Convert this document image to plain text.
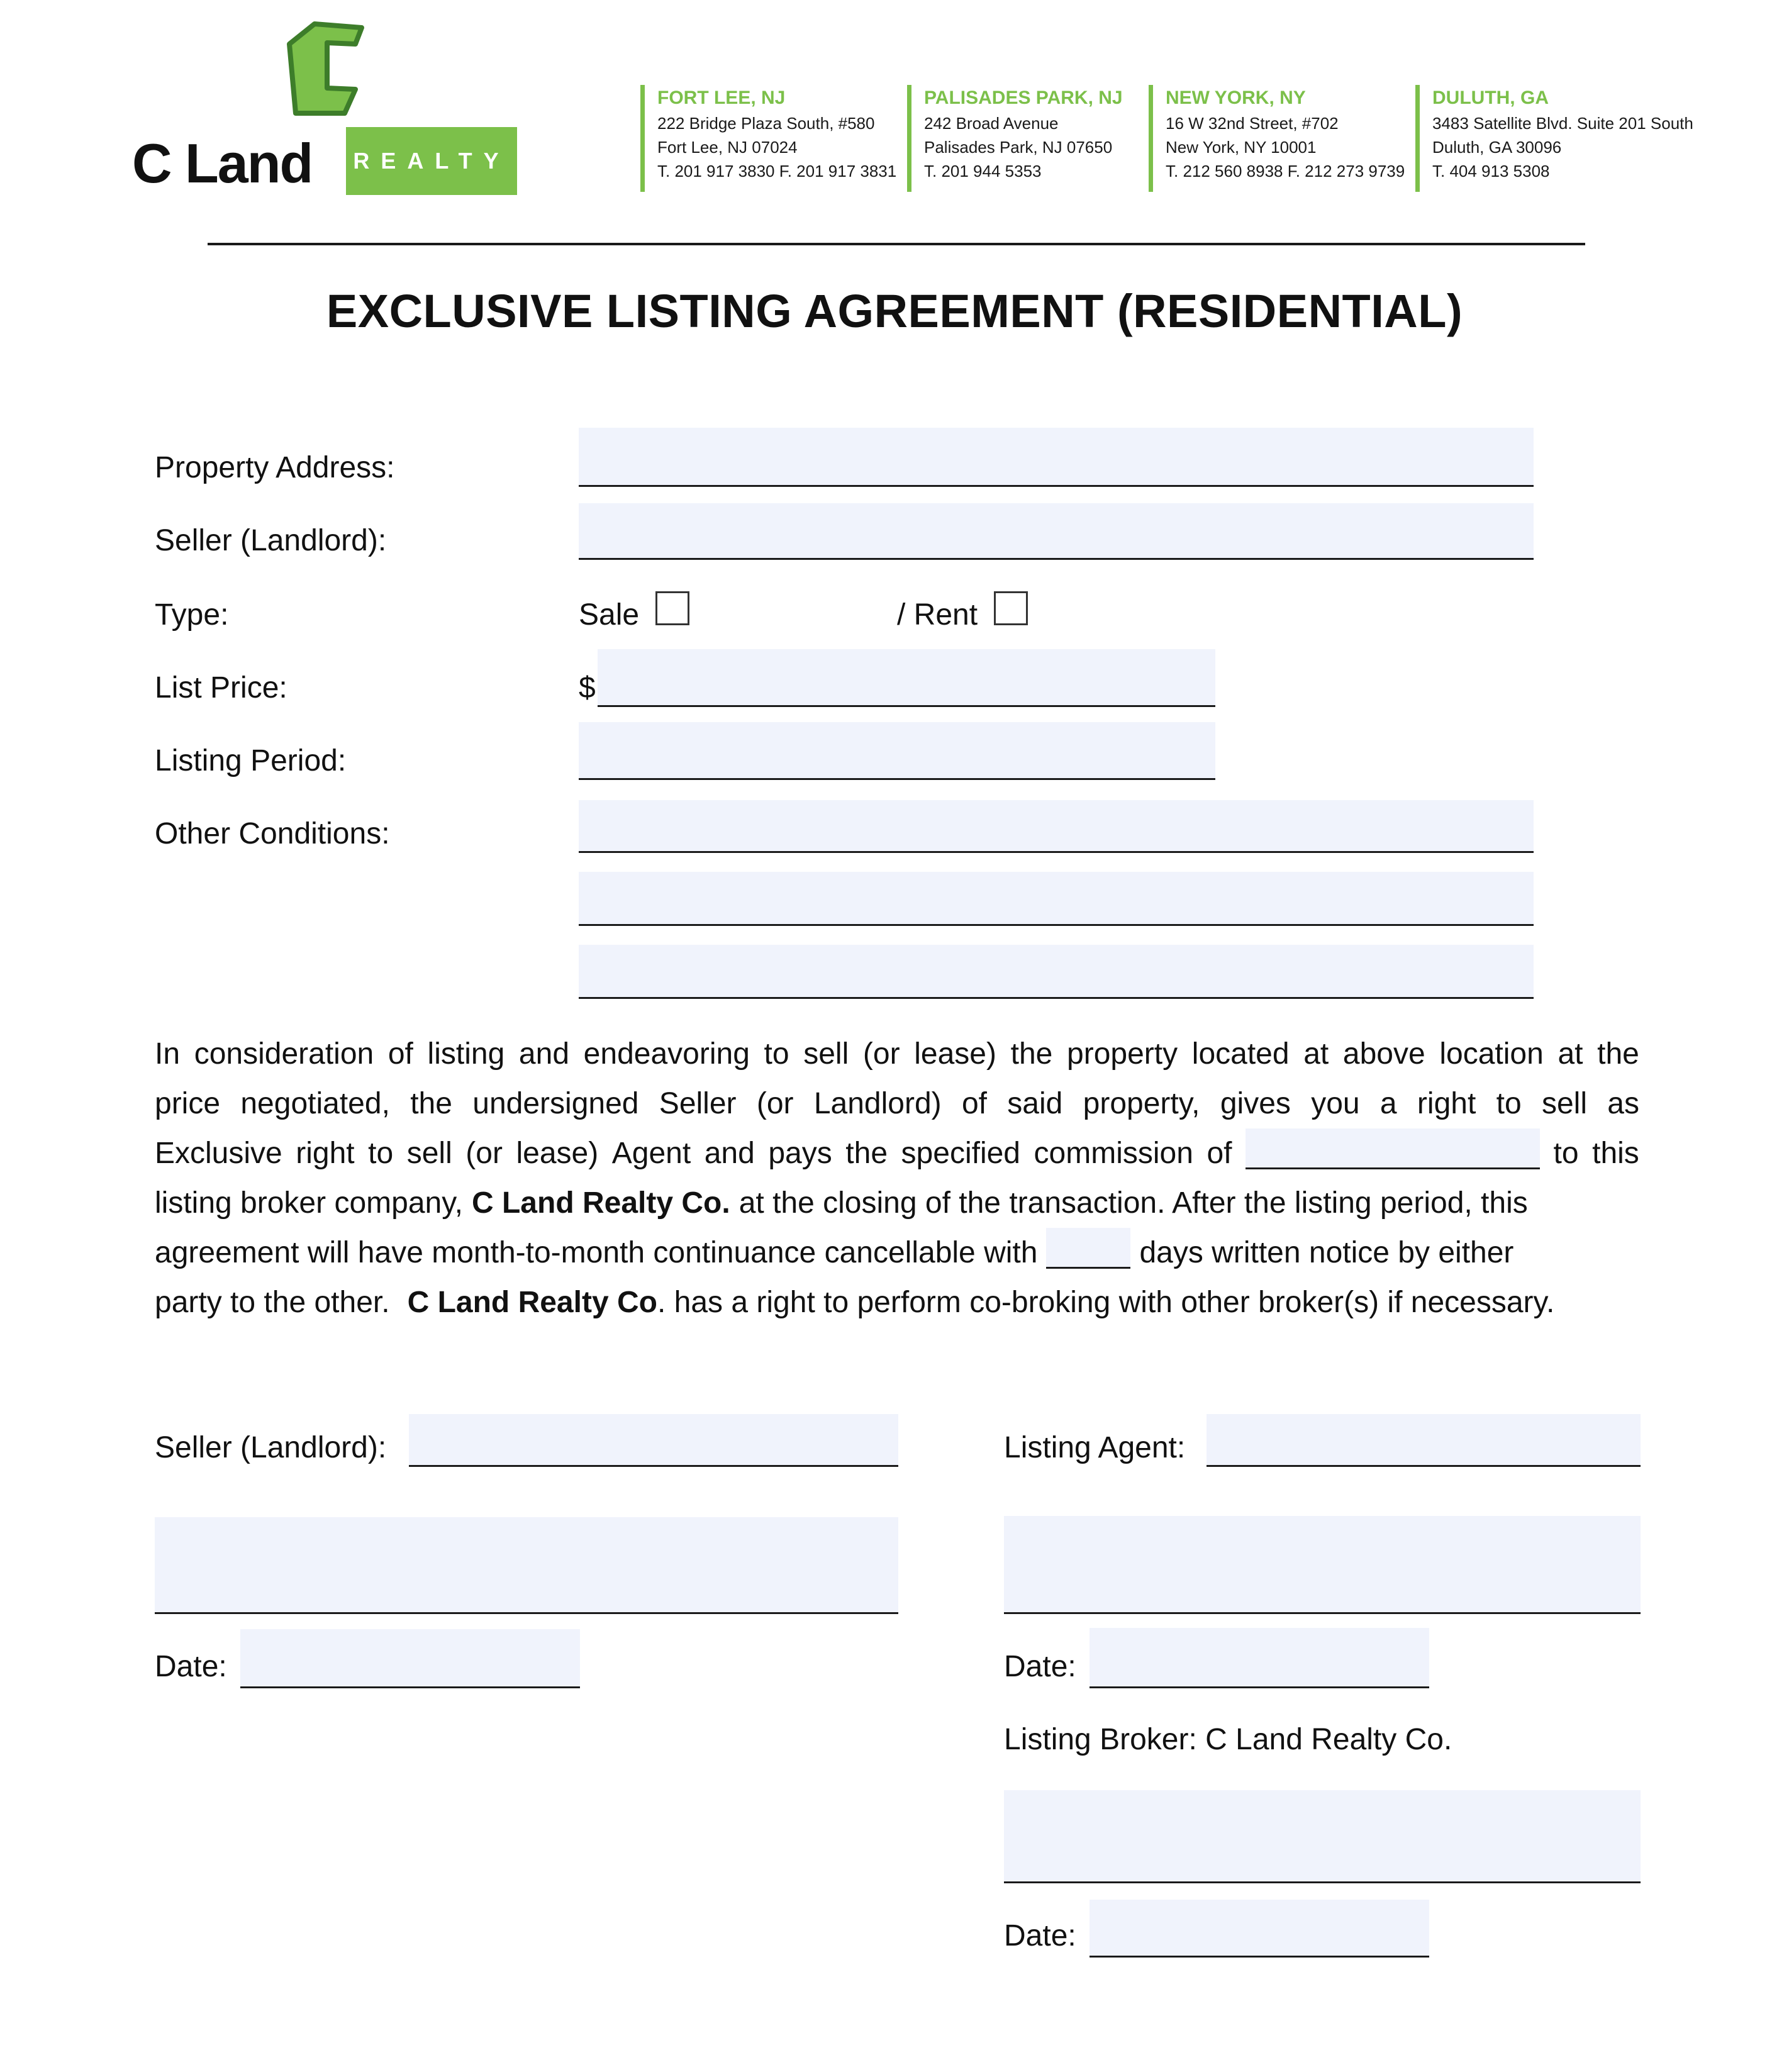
C Land REALTY
FORT LEE, NJ
222 Bridge Plaza South, #580
Fort Lee, NJ 07024
T. 201 917 3830 F. 201 917 3831
PALISADES PARK, NJ
242 Broad Avenue
Palisades Park, NJ 07650
T. 201 944 5353
NEW YORK, NY
16 W 32nd Street, #702
New York, NY 10001
T. 212 560 8938 F. 212 273 9739
DULUTH, GA
3483 Satellite Blvd. Suite 201 South
Duluth, GA 30096
T. 404 913 5308
EXCLUSIVE LISTING AGREEMENT (RESIDENTIAL)
Property Address:
Seller (Landlord):
Type:	Sale	/ Rent
List Price:	$
Listing Period:
Other Conditions:
In consideration of listing and endeavoring to sell (or lease) the property located at above location at the
price negotiated, the undersigned Seller (or Landlord) of said property, gives you a right to sell as
Exclusive right to sell (or lease) Agent and pays the specified commission of	to this
listing broker company, C Land Realty Co. at the closing of the transaction. After the listing period, this
agreement will have month-to-month continuance cancellable with	days written notice by either
party to the other. C Land Realty Co . has a right to perform co-broking with other broker(s) if necessary.
Seller (Landlord):
Date:
Listing Agent:
Date:
Listing Broker: C Land Realty Co.
Date:
